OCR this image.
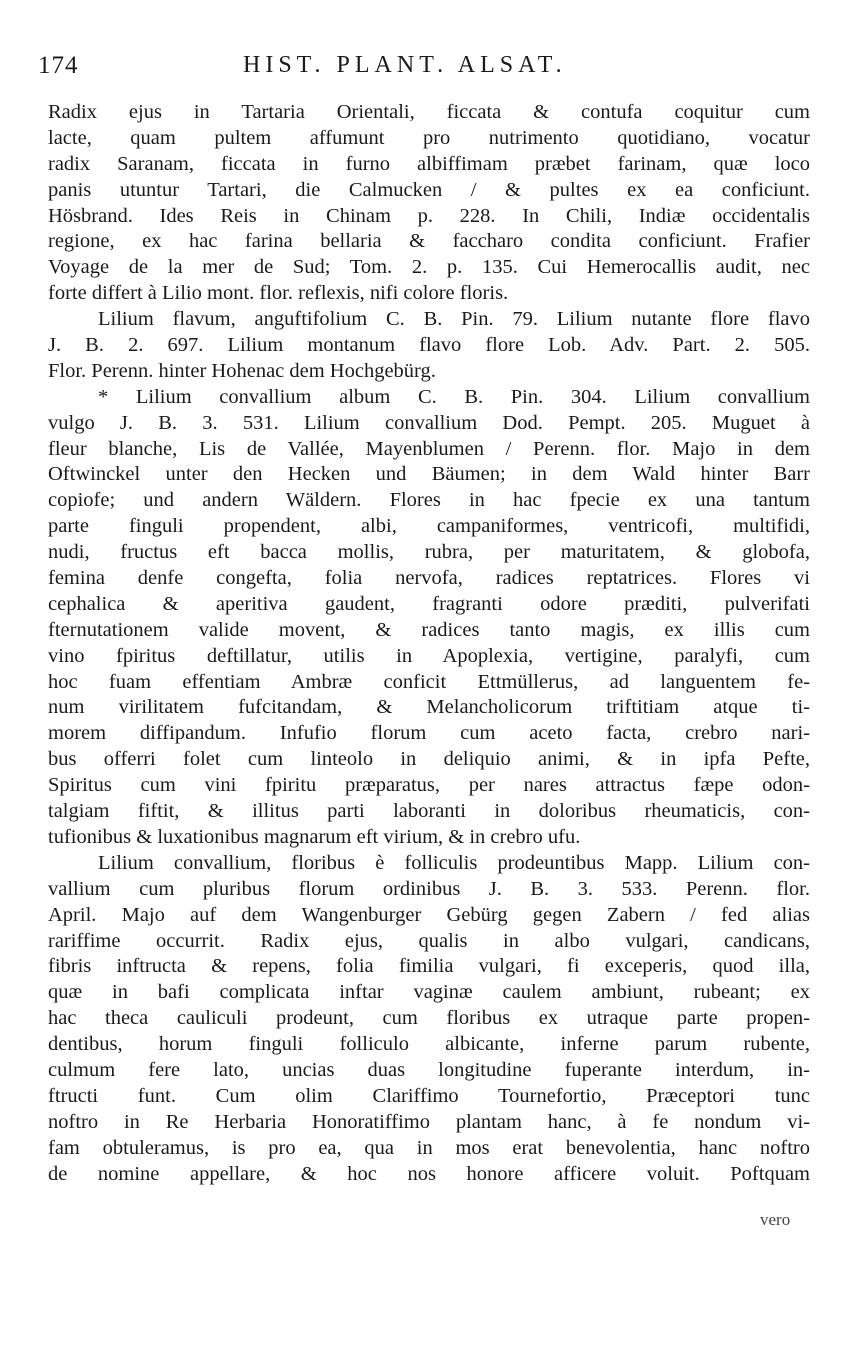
174	HIST. PLANT. ALSAT.
Radix ejus in Tartaria Orientali, ficcata & contufa coquitur cum
lacte, quam pultem affumunt pro nutrimento quotidiano, vocatur
radix Saranam, ficcata in furno albiffimam præbet farinam, quæ loco
panis utuntur Tartari, die Calmucken / & pultes ex ea conficiunt.
Hösbrand. Ides Reis in Chinam p. 228. In Chili, Indiæ occidentalis
regione, ex hac farina bellaria & faccharo condita conficiunt. Frafier
Voyage de la mer de Sud; Tom. 2. p. 135. Cui Hemerocallis audit, nec
forte differt à Lilio mont. flor. reflexis, nifi colore floris.
Lilium flavum, anguftifolium C. B. Pin. 79. Lilium nutante flore flavo
J. B. 2. 697. Lilium montanum flavo flore Lob. Adv. Part. 2. 505.
Flor. Perenn. hinter Hohenac dem Hochgebürg.
* Lilium convallium album C. B. Pin. 304. Lilium convallium
vulgo J. B. 3. 531. Lilium convallium Dod. Pempt. 205. Muguet à
fleur blanche, Lis de Vallée, Mayenblumen / Perenn. flor. Majo in dem
Oftwinckel unter den Hecken und Bäumen; in dem Wald hinter Barr
copiofe; und andern Wäldern. Flores in hac fpecie ex una tantum
parte finguli propendent, albi, campaniformes, ventricofi, multifidi,
nudi, fructus eft bacca mollis, rubra, per maturitatem, & globofa,
femina denfe congefta, folia nervofa, radices reptatrices. Flores vi
cephalica & aperitiva gaudent, fragranti odore præditi, pulverifati
fternutationem valide movent, & radices tanto magis, ex illis cum
vino fpiritus deftillatur, utilis in Apoplexia, vertigine, paralyfi, cum
hoc fuam effentiam Ambræ conficit Ettmüllerus, ad languentem fe-
num virilitatem fufcitandam, & Melancholicorum triftitiam atque ti-
morem diffipandum. Infufio florum cum aceto facta, crebro nari-
bus offerri folet cum linteolo in deliquio animi, & in ipfa Pefte,
Spiritus cum vini fpiritu præparatus, per nares attractus fæpe odon-
talgiam fiftit, & illitus parti laboranti in doloribus rheumaticis, con-
tufionibus & luxationibus magnarum eft virium, & in crebro ufu.
Lilium convallium, floribus è folliculis prodeuntibus Mapp. Lilium con-
vallium cum pluribus florum ordinibus J. B. 3. 533. Perenn. flor.
April. Majo auf dem Wangenburger Gebürg gegen Zabern / fed alias
rariffime occurrit. Radix ejus, qualis in albo vulgari, candicans,
fibris inftructa & repens, folia fimilia vulgari, fi exceperis, quod illa,
quæ in bafi complicata inftar vaginæ caulem ambiunt, rubeant; ex
hac theca cauliculi prodeunt, cum floribus ex utraque parte propen-
dentibus, horum finguli folliculo albicante, inferne parum rubente,
culmum fere lato, uncias duas longitudine fuperante interdum, in-
ftructi funt. Cum olim Clariffimo Tournefortio, Præceptori tunc
noftro in Re Herbaria Honoratiffimo plantam hanc, à fe nondum vi-
fam obtuleramus, is pro ea, qua in mos erat benevolentia, hanc noftro
de nomine appellare, & hoc nos honore afficere voluit. Poftquam
vero
